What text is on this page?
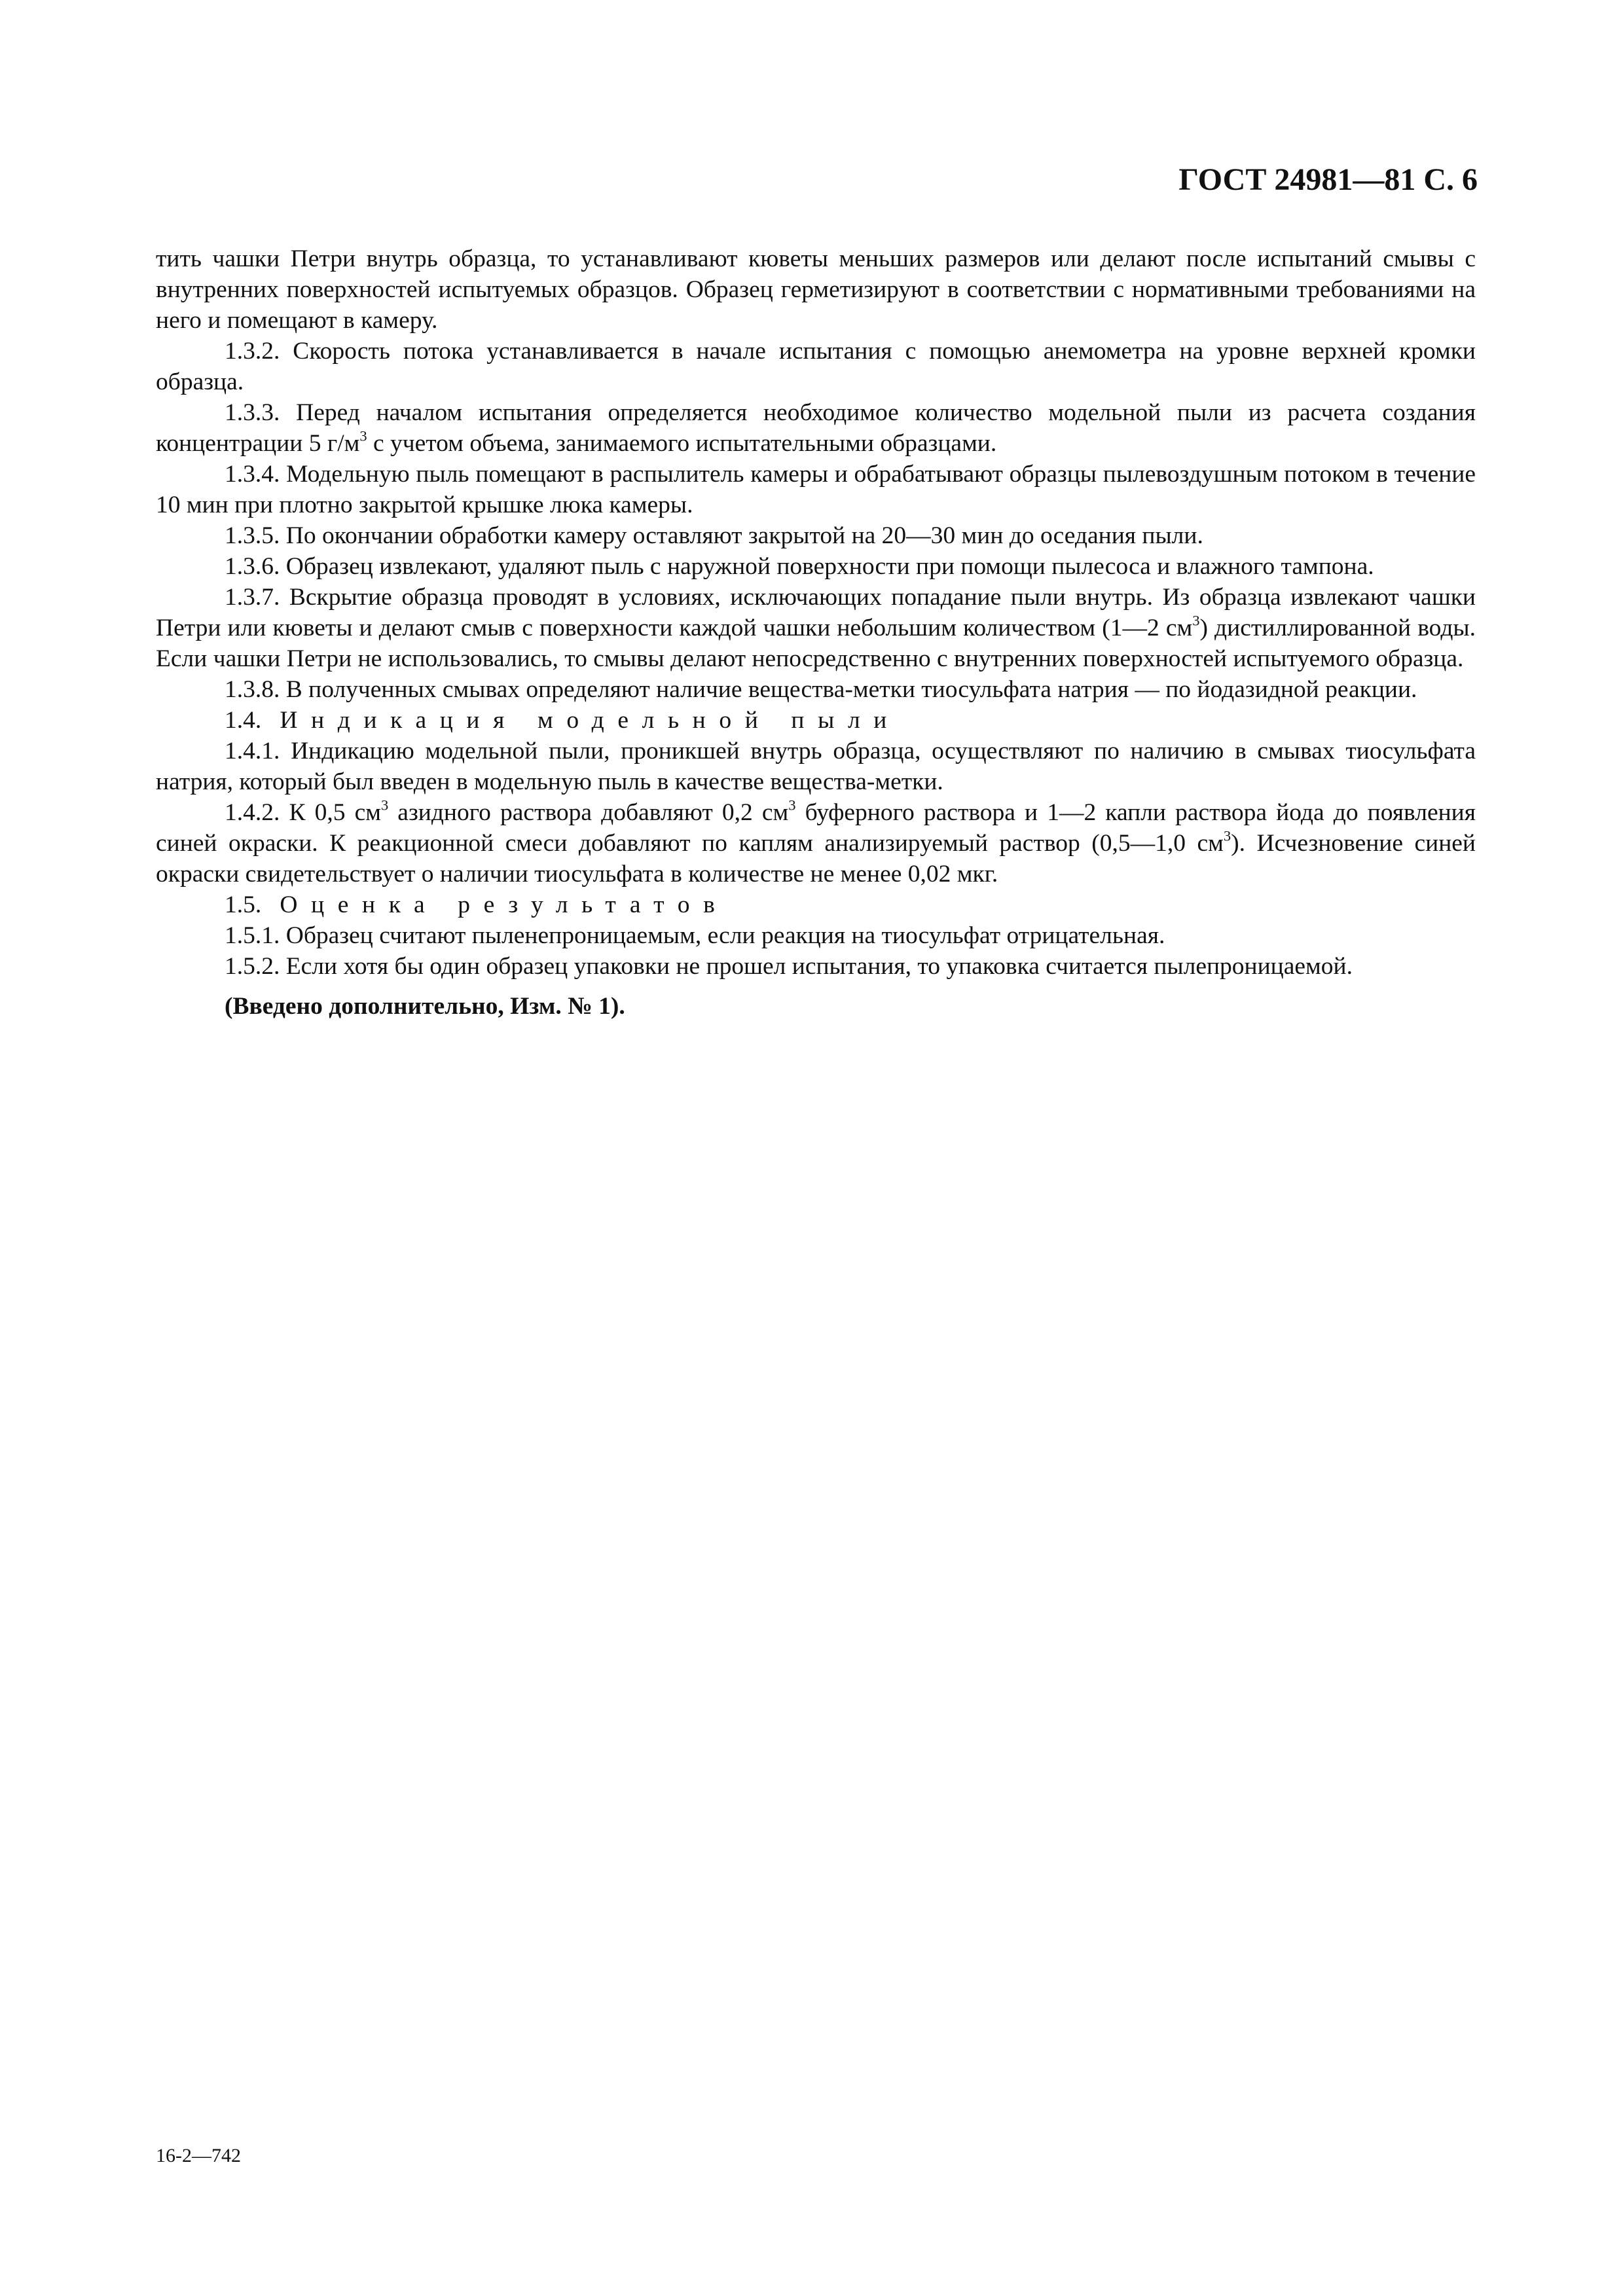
ГОСТ 24981—81 С. 6

тить чашки Петри внутрь образца, то устанавливают кюветы меньших размеров или делают после испытаний смывы с внутренних поверхностей испытуемых образцов. Образец герметизируют в соответствии с нормативными требованиями на него и помещают в камеру.

1.3.2. Скорость потока устанавливается в начале испытания с помощью анемометра на уровне верхней кромки образца.

1.3.3. Перед началом испытания определяется необходимое количество модельной пыли из расчета создания концентрации 5 $г/м^3$ с учетом объема, занимаемого испытательными образцами.

1.3.4. Модельную пыль помещают в распылитель камеры и обрабатывают образцы пылевоздушным потоком в течение 10 мин при плотно закрытой крышке люка камеры.

1.3.5. По окончании обработки камеру оставляют закрытой на 20—30 мин до оседания пыли.

1.3.6. Образец извлекают, удаляют пыль с наружной поверхности при помощи пылесоса и влажного тампона.

1.3.7. Вскрытие образца проводят в условиях, исключающих попадание пыли внутрь. Из образца извлекают чашки Петри или кюветы и делают смыв с поверхности каждой чашки небольшим количеством (1—2 $см^3$) дистиллированной воды. Если чашки Петри не использовались, то смывы делают непосредственно с внутренних поверхностей испытуемого образца.

1.3.8. В полученных смывах определяют наличие вещества-метки тиосульфата натрия — по йодазидной реакции.

1.4. Индикация модельной пыли

1.4.1. Индикацию модельной пыли, проникшей внутрь образца, осуществляют по наличию в смывах тиосульфата натрия, который был введен в модельную пыль в качестве вещества-метки.

1.4.2. К 0,5 $см^3$ азидного раствора добавляют 0,2 $см^3$ буферного раствора и 1—2 капли раствора йода до появления синей окраски. К реакционной смеси добавляют по каплям анализируемый раствор (0,5—1,0 $см^3$). Исчезновение синей окраски свидетельствует о наличии тиосульфата в количестве не менее 0,02 мкг.

1.5. Оценка результатов

1.5.1. Образец считают пыленепроницаемым, если реакция на тиосульфат отрицательная.

1.5.2. Если хотя бы один образец упаковки не прошел испытания, то упаковка считается пылепроницаемой.

(Введено дополнительно, Изм. № 1).

16-2—742
